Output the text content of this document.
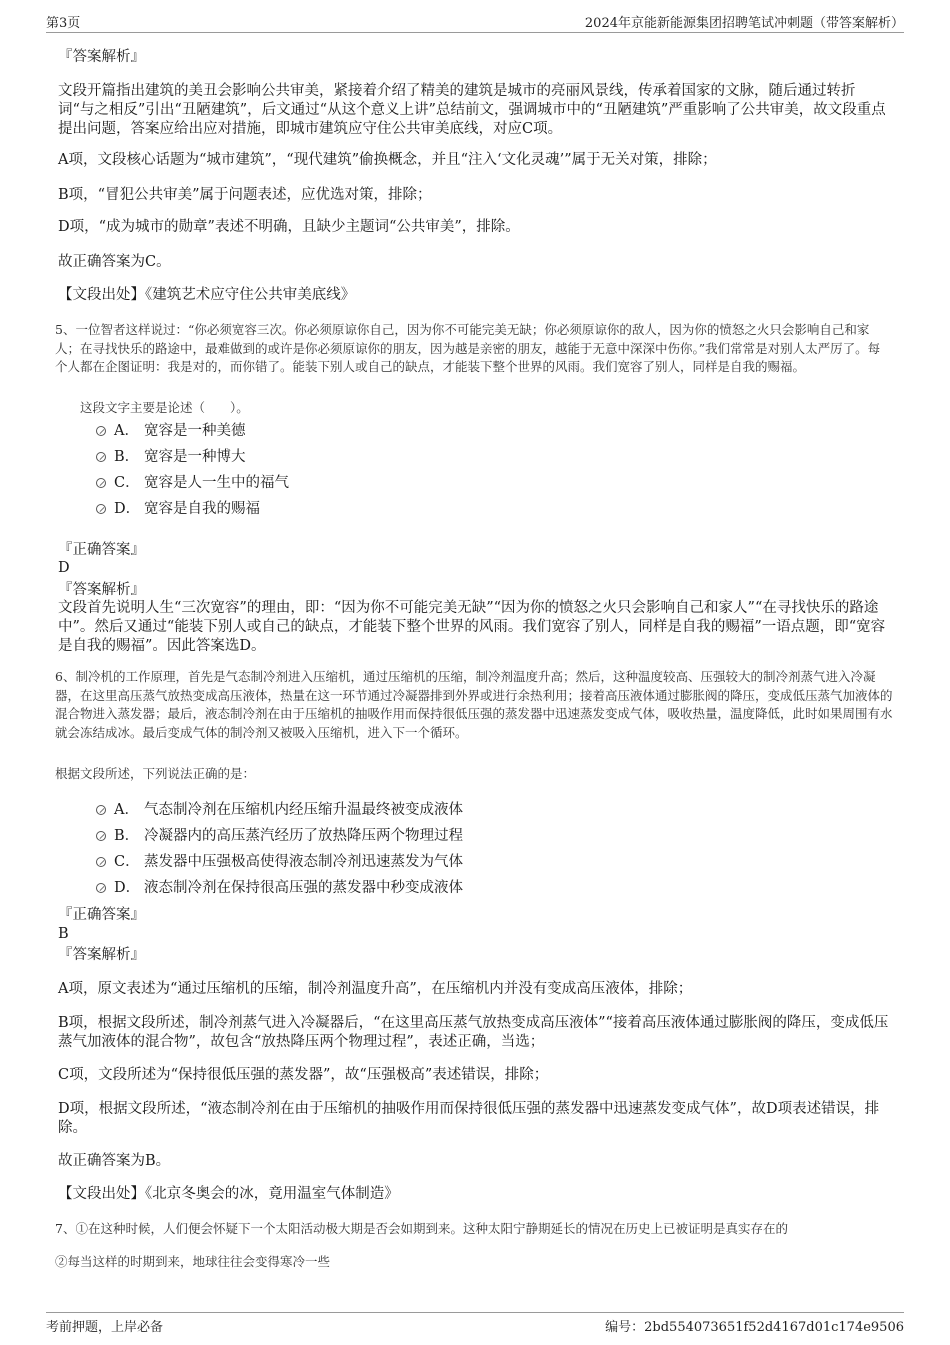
第3页	2024年京能新能源集团招聘笔试冲刺题（带答案解析）

『答案解析』

文段开篇指出建筑的美丑会影响公共审美，紧接着介绍了精美的建筑是城市的亮丽风景线，传承着国家的文脉，随后通过转折词“与之相反”引出“丑陋建筑”，后文通过“从这个意义上讲”总结前文，强调城市中的“丑陋建筑”严重影响了公共审美，故文段重点提出问题，答案应给出应对措施，即城市建筑应守住公共审美底线，对应C项。

A项，文段核心话题为“城市建筑”，“现代建筑”偷换概念，并且“注入‘文化灵魂’”属于无关对策，排除；

B项，“冒犯公共审美”属于问题表述，应优选对策，排除；

D项，“成为城市的勋章”表述不明确，且缺少主题词“公共审美”，排除。

故正确答案为C。

【文段出处】《建筑艺术应守住公共审美底线》

5、一位智者这样说过：“你必须宽容三次。你必须原谅你自己，因为你不可能完美无缺；你必须原谅你的敌人，因为你的愤怒之火只会影响自己和家人；在寻找快乐的路途中，最难做到的或许是你必须原谅你的朋友，因为越是亲密的朋友，越能于无意中深深中伤你。”我们常常是对别人太严厉了。每个人都在企图证明：我是对的，而你错了。能装下别人或自己的缺点，才能装下整个世界的风雨。我们宽容了别人，同样是自我的赐福。

这段文字主要是论述（　　）。

A． 宽容是一种美德
B． 宽容是一种博大
C． 宽容是人一生中的福气
D． 宽容是自我的赐福

『正确答案』

D

『答案解析』

文段首先说明人生“三次宽容”的理由，即：“因为你不可能完美无缺”“因为你的愤怒之火只会影响自己和家人”“在寻找快乐的路途中”。然后又通过“能装下别人或自己的缺点，才能装下整个世界的风雨。我们宽容了别人，同样是自我的赐福”一语点题，即“宽容是自我的赐福”。因此答案选D。

6、制冷机的工作原理，首先是气态制冷剂进入压缩机，通过压缩机的压缩，制冷剂温度升高；然后，这种温度较高、压强较大的制冷剂蒸气进入冷凝器，在这里高压蒸气放热变成高压液体，热量在这一环节通过冷凝器排到外界或进行余热利用；接着高压液体通过膨胀阀的降压，变成低压蒸气加液体的混合物进入蒸发器；最后，液态制冷剂在由于压缩机的抽吸作用而保持很低压强的蒸发器中迅速蒸发变成气体，吸收热量，温度降低，此时如果周围有水就会冻结成冰。最后变成气体的制冷剂又被吸入压缩机，进入下一个循环。

根据文段所述，下列说法正确的是：

A． 气态制冷剂在压缩机内经压缩升温最终被变成液体
B． 冷凝器内的高压蒸汽经历了放热降压两个物理过程
C． 蒸发器中压强极高使得液态制冷剂迅速蒸发为气体
D． 液态制冷剂在保持很高压强的蒸发器中秒变成液体

『正确答案』

B

『答案解析』

A项，原文表述为“通过压缩机的压缩，制冷剂温度升高”，在压缩机内并没有变成高压液体，排除；

B项，根据文段所述，制冷剂蒸气进入冷凝器后，“在这里高压蒸气放热变成高压液体”“接着高压液体通过膨胀阀的降压，变成低压蒸气加液体的混合物”，故包含“放热降压两个物理过程”，表述正确，当选；

C项，文段所述为“保持很低压强的蒸发器”，故“压强极高”表述错误，排除；

D项，根据文段所述，“液态制冷剂在由于压缩机的抽吸作用而保持很低压强的蒸发器中迅速蒸发变成气体”，故D项表述错误，排除。

故正确答案为B。

【文段出处】《北京冬奥会的冰，竟用温室气体制造》

7、①在这种时候，人们便会怀疑下一个太阳活动极大期是否会如期到来。这种太阳宁静期延长的情况在历史上已被证明是真实存在的

②每当这样的时期到来，地球往往会变得寒冷一些

考前押题，上岸必备	编号：2bd554073651f52d4167d01c174e9506
